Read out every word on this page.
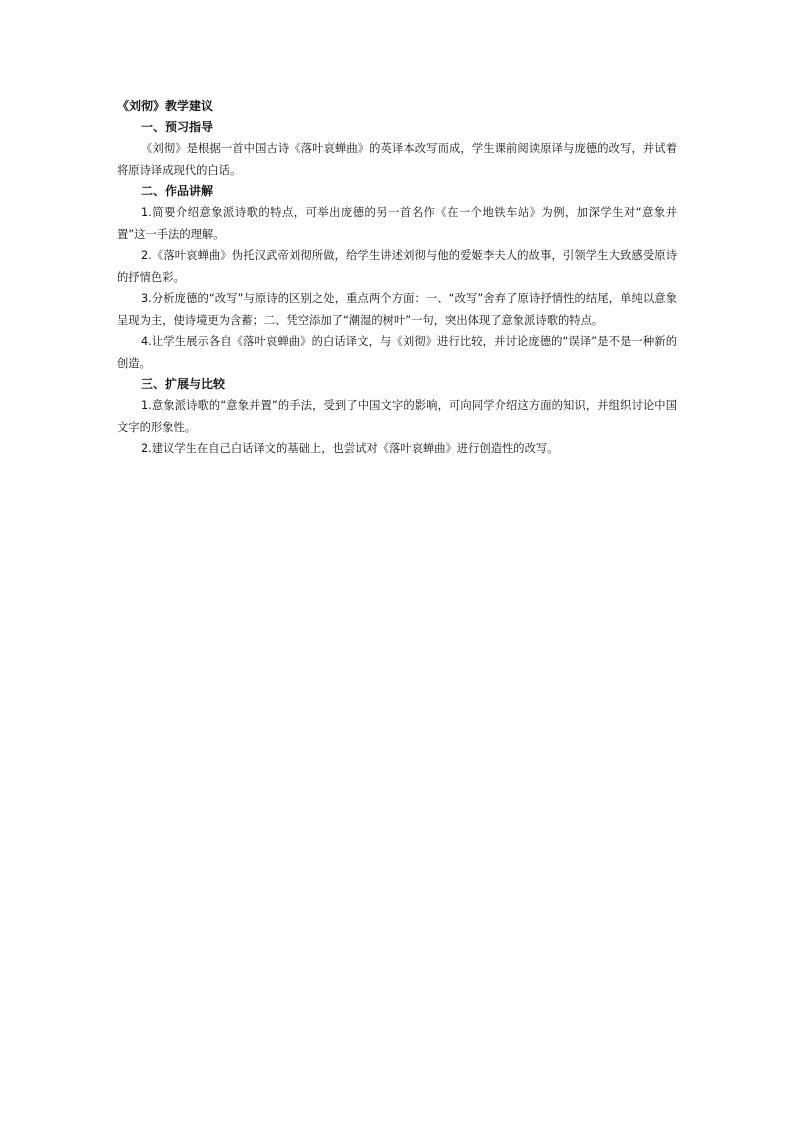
《刘彻》教学建议
一、预习指导

《刘彻》是根据一首中国古诗《落叶哀蝉曲》的英译本改写而成，学生课前阅读原译与庞德的改写，并试着将原诗译成现代的白话。

二、作品讲解

1.简要介绍意象派诗歌的特点，可举出庞德的另一首名作《在一个地铁车站》为例，加深学生对“意象并置”这一手法的理解。

2.《落叶哀蝉曲》伪托汉武帝刘彻所做，给学生讲述刘彻与他的爱姬李夫人的故事，引领学生大致感受原诗的抒情色彩。

3.分析庞德的“改写”与原诗的区别之处，重点两个方面：一、“改写”舍弃了原诗抒情性的结尾，单纯以意象呈现为主，使诗境更为含蓄；二、凭空添加了“潮湿的树叶”一句，突出体现了意象派诗歌的特点。

4.让学生展示各自《落叶哀蝉曲》的白话译文，与《刘彻》进行比较，并讨论庞德的“误译”是不是一种新的创造。

三、扩展与比较

1.意象派诗歌的“意象并置”的手法，受到了中国文字的影响，可向同学介绍这方面的知识，并组织讨论中国文字的形象性。

2.建议学生在自己白话译文的基础上，也尝试对《落叶哀蝉曲》进行创造性的改写。
